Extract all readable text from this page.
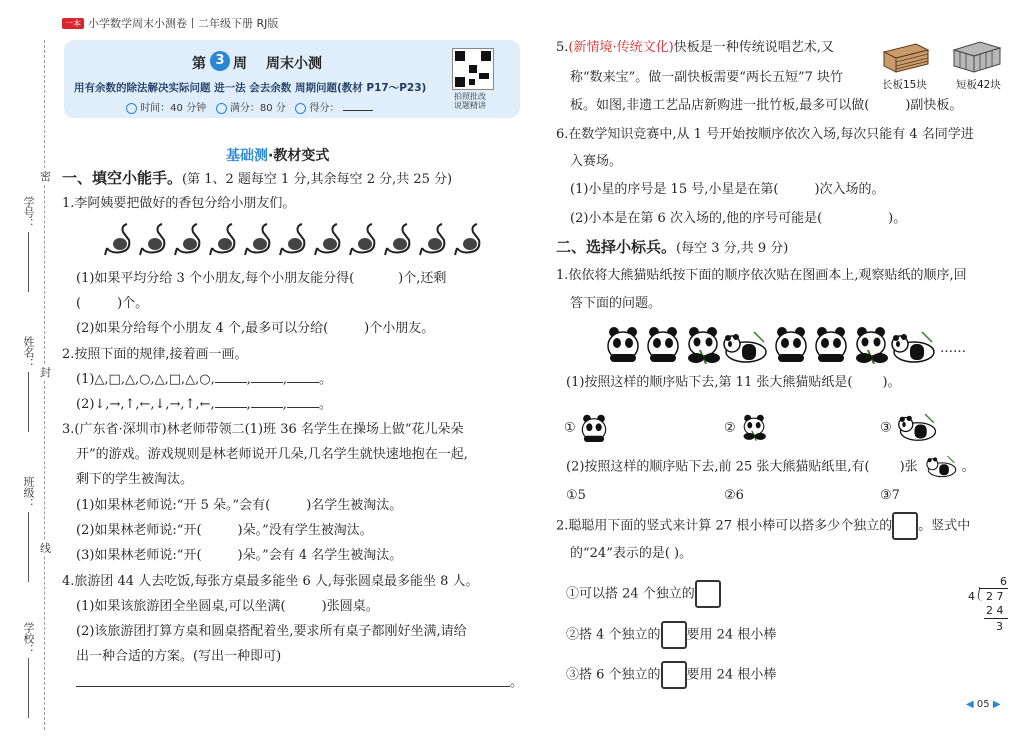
一本 小学数学周末小测卷丨二年级下册 RJ版
学号：
姓名：
班级：
学校：
密
封
线
第 3 周 周末小测
用有余数的除法解决实际问题 进一法 会去余数 周期问题(教材 P17～P23)
时间：40 分钟 满分：80 分 得分：
拍照批改
说题精讲
基础测·教材变式
一、填空小能手。(第 1、2 题每空 1 分,其余每空 2 分,共 25 分)
1.李阿姨要把做好的香包分给小朋友们。
(1)如果平均分给 3 个小朋友,每个小朋友能分得(	)个,还剩
(	)个。
(2)如果分给每个小朋友 4 个,最多可以分给(	)个小朋友。
2.按照下面的规律,接着画一画。
(1)△,□,△,○,△,□,△,○, , , 。
(2)↓,→,↑,←,↓,→,↑,←, , , 。
3.(广东省·深圳市)林老师带领二(1)班 36 名学生在操场上做“花儿朵朵
开”的游戏。游戏规则是林老师说开几朵,几名学生就快速地抱在一起,
剩下的学生被淘汰。
(1)如果林老师说:“开 5 朵。”会有(	)名学生被淘汰。
(2)如果林老师说:“开(	)朵。”没有学生被淘汰。
(3)如果林老师说:“开(	)朵。”会有 4 名学生被淘汰。
4.旅游团 44 人去吃饭,每张方桌最多能坐 6 人,每张圆桌最多能坐 8 人。
(1)如果该旅游团全坐圆桌,可以坐满(	)张圆桌。
(2)该旅游团打算方桌和圆桌搭配着坐,要求所有桌子都刚好坐满,请给
出一种合适的方案。(写出一种即可)
。
5.(新情境·传统文化)快板是一种传统说唱艺术,又
称“数来宝”。做一副快板需要“两长五短”7 块竹
板。如图,非遗工艺品店新购进一批竹板,最多可以做(	)副快板。
长板15块	短板42块
6.在数学知识竞赛中,从 1 号开始按顺序依次入场,每次只能有 4 名同学进
入赛场。
(1)小星的序号是 15 号,小星是在第(	)次入场的。
(2)小本是在第 6 次入场的,他的序号可能是(	)。
二、选择小标兵。(每空 3 分,共 9 分)
1.依依将大熊猫贴纸按下面的顺序依次贴在图画本上,观察贴纸的顺序,回
答下面的问题。
……
(1)按照这样的顺序贴下去,第 11 张大熊猫贴纸是( )。
①	②	③
(2)按照这样的顺序贴下去,前 25 张大熊猫贴纸里,有( )张	。
①5	②6	③7
2.聪聪用下面的竖式来计算 27 根小棒可以搭多少个独立的 。竖式中
的“24”表示的是( )。
①可以搭 24 个独立的
②搭 4 个独立的 要用 24 根小棒
③搭 6 个独立的 要用 24 根小棒
6
4 2 7
2 4
3
◀ 05 ▶
